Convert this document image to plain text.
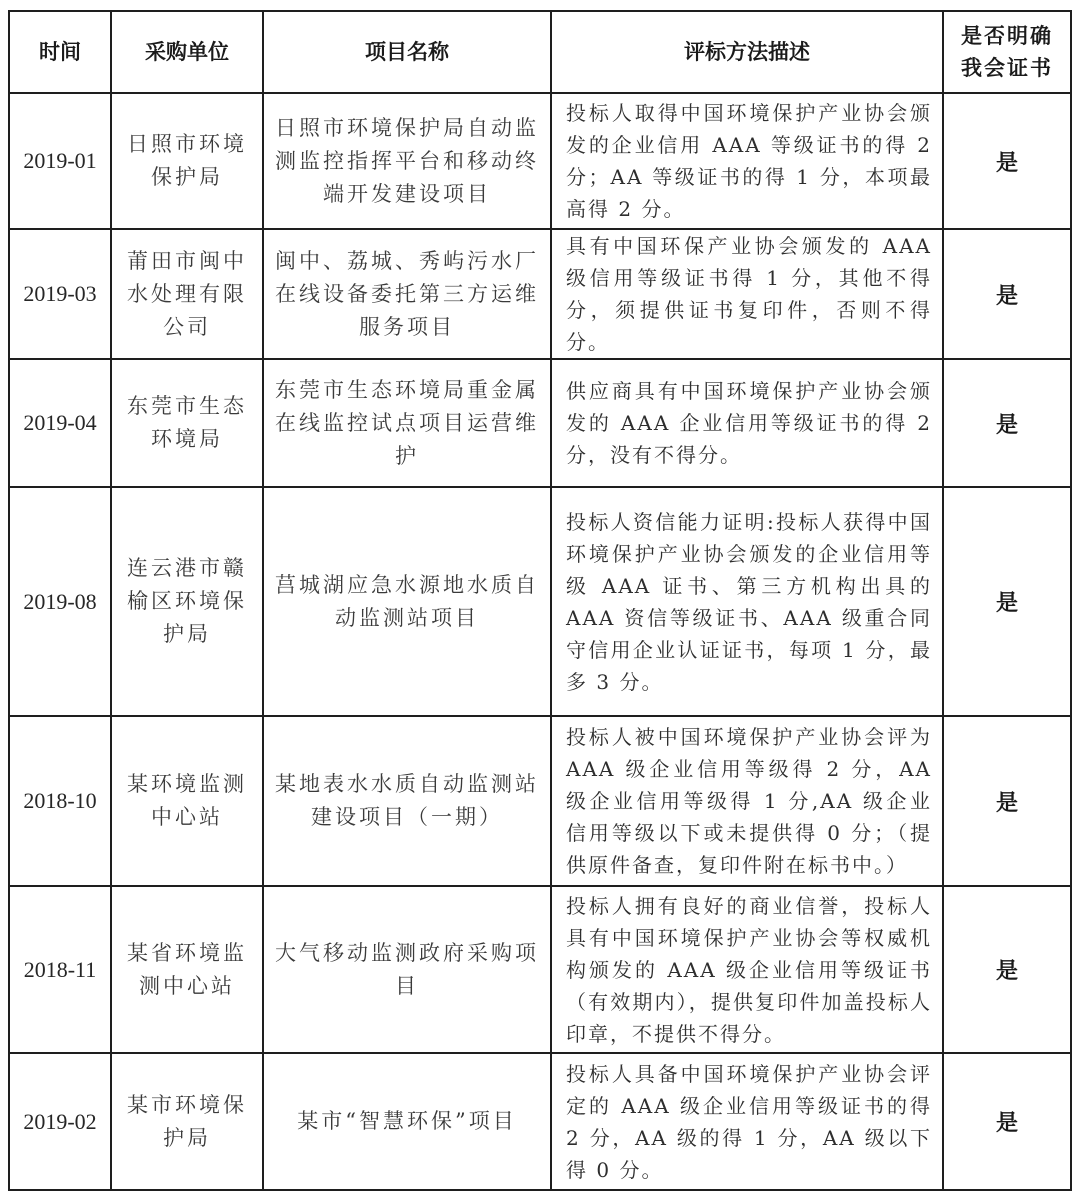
时间	采购单位	项目名称	评标方法描述	是否明确我会证书
2019-01	日照市环境保护局	日照市环境保护局自动监测监控指挥平台和移动终端开发建设项目	投标人取得中国环境保护产业协会颁发的企业信用 AAA 等级证书的得 2 分；AA 等级证书的得 1 分，本项最高得 2 分。	是
2019-03	莆田市闽中水处理有限公司	闽中、荔城、秀屿污水厂在线设备委托第三方运维服务项目	具有中国环保产业协会颁发的 AAA 级信用等级证书得 1 分，其他不得分，须提供证书复印件，否则不得分。	是
2019-04	东莞市生态环境局	东莞市生态环境局重金属在线监控试点项目运营维护	供应商具有中国环境保护产业协会颁发的 AAA 企业信用等级证书的得 2 分，没有不得分。	是
2019-08	连云港市赣榆区环境保护局	莒城湖应急水源地水质自动监测站项目	投标人资信能力证明:投标人获得中国环境保护产业协会颁发的企业信用等级 AAA 证书、第三方机构出具的 AAA 资信等级证书、AAA 级重合同守信用企业认证证书，每项 1 分，最多 3 分。	是
2018-10	某环境监测中心站	某地表水水质自动监测站建设项目（一期）	投标人被中国环境保护产业协会评为 AAA 级企业信用等级得 2 分，AA 级企业信用等级得 1 分,AA 级企业信用等级以下或未提供得 0 分；（提供原件备查，复印件附在标书中。）	是
2018-11	某省环境监测中心站	大气移动监测政府采购项目	投标人拥有良好的商业信誉，投标人具有中国环境保护产业协会等权威机构颁发的 AAA 级企业信用等级证书（有效期内），提供复印件加盖投标人印章，不提供不得分。	是
2019-02	某市环境保护局	某市“智慧环保”项目	投标人具备中国环境保护产业协会评定的 AAA 级企业信用等级证书的得 2 分，AA 级的得 1 分，AA 级以下得 0 分。	是
